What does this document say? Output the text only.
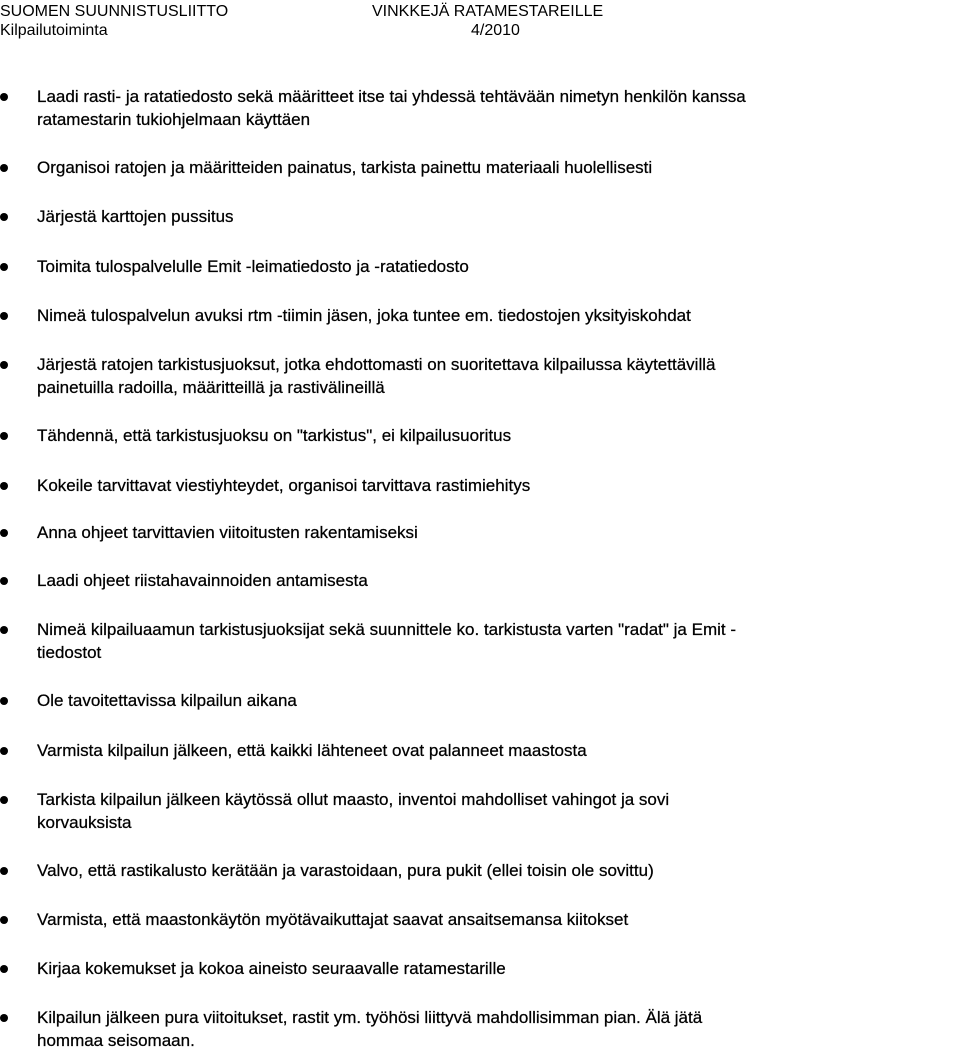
SUOMEN SUUNNISTUSLIITTO
Kilpailutoiminta
VINKKEJÄ RATAMESTAREILLE
4/2010
Laadi rasti- ja ratatiedosto sekä määritteet itse tai yhdessä tehtävään nimetyn henkilön kanssa
ratamestarin tukiohjelmaan käyttäen
Organisoi ratojen ja määritteiden painatus, tarkista painettu materiaali huolellisesti
Järjestä karttojen pussitus
Toimita tulospalvelulle Emit -leimatiedosto ja -ratatiedosto
Nimeä tulospalvelun avuksi rtm -tiimin jäsen, joka tuntee em. tiedostojen yksityiskohdat
Järjestä ratojen tarkistusjuoksut, jotka ehdottomasti on suoritettava kilpailussa käytettävillä
painetuilla radoilla, määritteillä ja rastivälineillä
Tähdennä, että tarkistusjuoksu on "tarkistus", ei kilpailusuoritus
Kokeile tarvittavat viestiyhteydet, organisoi tarvittava rastimiehitys
Anna ohjeet tarvittavien viitoitusten rakentamiseksi
Laadi ohjeet riistahavainnoiden antamisesta
Nimeä kilpailuaamun tarkistusjuoksijat sekä suunnittele ko. tarkistusta varten "radat" ja Emit -
tiedostot
Ole tavoitettavissa kilpailun aikana
Varmista kilpailun jälkeen, että kaikki lähteneet ovat palanneet maastosta
Tarkista kilpailun jälkeen käytössä ollut maasto, inventoi mahdolliset vahingot ja sovi
korvauksista
Valvo, että rastikalusto kerätään ja varastoidaan, pura pukit (ellei toisin ole sovittu)
Varmista, että maastonkäytön myötävaikuttajat saavat ansaitsemansa kiitokset
Kirjaa kokemukset ja kokoa aineisto seuraavalle ratamestarille
Kilpailun jälkeen pura viitoitukset, rastit ym. työhösi liittyvä mahdollisimman pian. Älä jätä
hommaa seisomaan.
